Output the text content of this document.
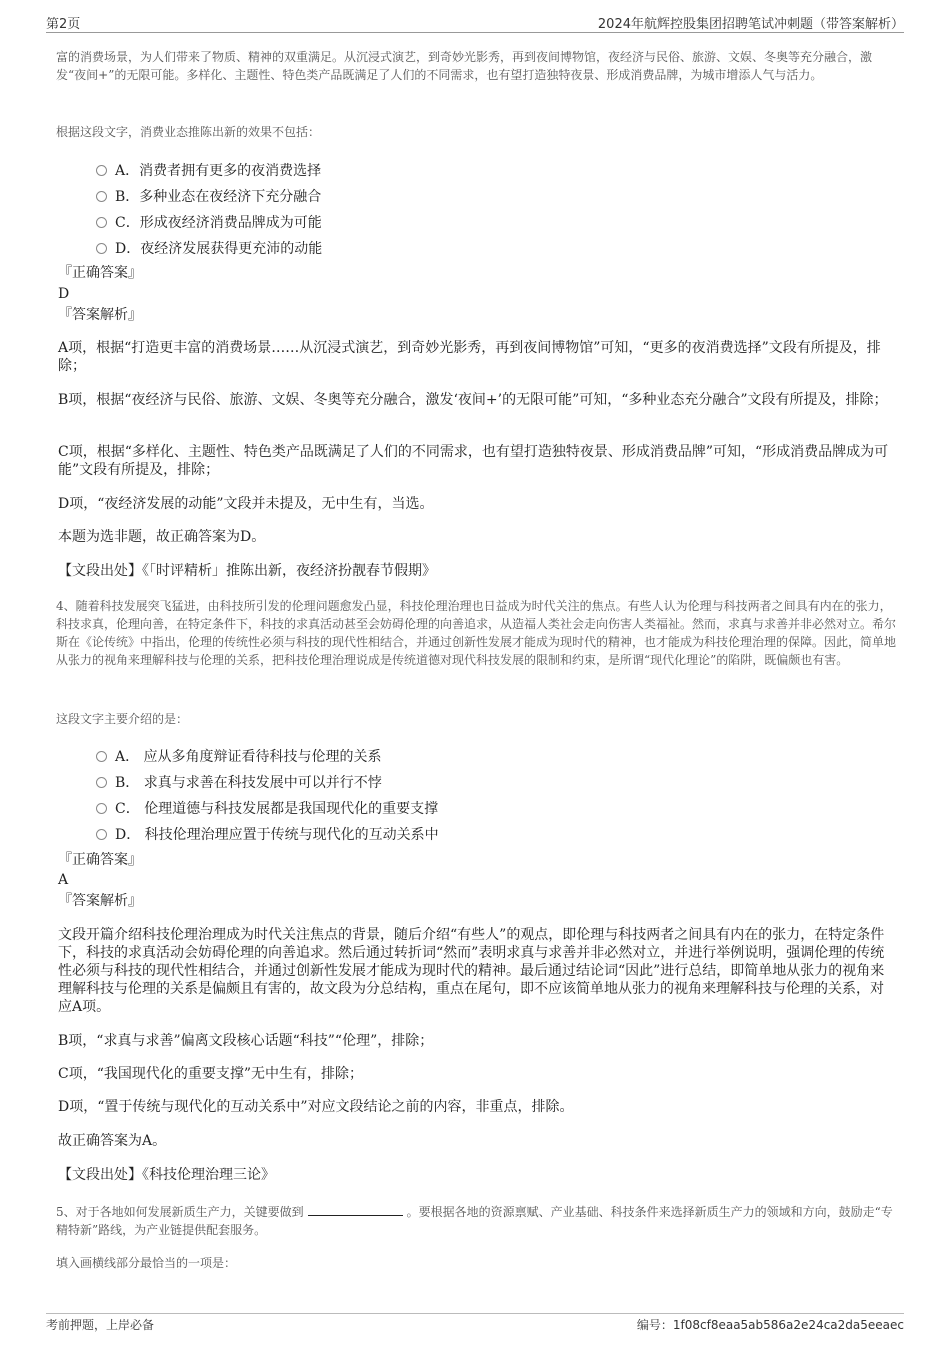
第2页	2024年航辉控股集团招聘笔试冲刺题（带答案解析）
富的消费场景，为人们带来了物质、精神的双重满足。从沉浸式演艺，到奇妙光影秀，再到夜间博物馆，夜经济与民俗、旅游、文娱、冬奥等充分融合，激发“夜间+”的无限可能。多样化、主题性、特色类产品既满足了人们的不同需求，也有望打造独特夜景、形成消费品牌，为城市增添人气与活力。
根据这段文字，消费业态推陈出新的效果不包括：
A．消费者拥有更多的夜消费选择
B．多种业态在夜经济下充分融合
C．形成夜经济消费品牌成为可能
D．夜经济发展获得更充沛的动能
『正确答案』
D
『答案解析』
A项，根据“打造更丰富的消费场景……从沉浸式演艺，到奇妙光影秀，再到夜间博物馆”可知，“更多的夜消费选择”文段有所提及，排除；
B项，根据“夜经济与民俗、旅游、文娱、冬奥等充分融合，激发‘夜间+’的无限可能”可知，“多种业态充分融合”文段有所提及，排除；
C项，根据“多样化、主题性、特色类产品既满足了人们的不同需求，也有望打造独特夜景、形成消费品牌”可知，“形成消费品牌成为可能”文段有所提及，排除；
D项，“夜经济发展的动能”文段并未提及，无中生有，当选。
本题为选非题，故正确答案为D。
【文段出处】《「时评精析」推陈出新，夜经济扮靓春节假期》
4、随着科技发展突飞猛进，由科技所引发的伦理问题愈发凸显，科技伦理治理也日益成为时代关注的焦点。有些人认为伦理与科技两者之间具有内在的张力，科技求真，伦理向善，在特定条件下，科技的求真活动甚至会妨碍伦理的向善追求，从造福人类社会走向伤害人类福祉。然而，求真与求善并非必然对立。希尔斯在《论传统》中指出，伦理的传统性必须与科技的现代性相结合，并通过创新性发展才能成为现时代的精神，也才能成为科技伦理治理的保障。因此，简单地从张力的视角来理解科技与伦理的关系，把科技伦理治理说成是传统道德对现代科技发展的限制和约束，是所谓“现代化理论”的陷阱，既偏颇也有害。
这段文字主要介绍的是：
A． 应从多角度辩证看待科技与伦理的关系
B． 求真与求善在科技发展中可以并行不悖
C． 伦理道德与科技发展都是我国现代化的重要支撑
D． 科技伦理治理应置于传统与现代化的互动关系中
『正确答案』
A
『答案解析』
文段开篇介绍科技伦理治理成为时代关注焦点的背景，随后介绍“有些人”的观点，即伦理与科技两者之间具有内在的张力，在特定条件下，科技的求真活动会妨碍伦理的向善追求。然后通过转折词“然而”表明求真与求善并非必然对立，并进行举例说明，强调伦理的传统性必须与科技的现代性相结合，并通过创新性发展才能成为现时代的精神。最后通过结论词“因此”进行总结，即简单地从张力的视角来理解科技与伦理的关系是偏颇且有害的，故文段为分总结构，重点在尾句，即不应该简单地从张力的视角来理解科技与伦理的关系，对应A项。
B项，“求真与求善”偏离文段核心话题“科技”“伦理”，排除；
C项，“我国现代化的重要支撑”无中生有，排除；
D项，“置于传统与现代化的互动关系中”对应文段结论之前的内容，非重点，排除。
故正确答案为A。
【文段出处】《科技伦理治理三论》
5、对于各地如何发展新质生产力，关键要做到	。要根据各地的资源禀赋、产业基础、科技条件来选择新质生产力的领域和方向，鼓励走“专精特新”路线，为产业链提供配套服务。
填入画横线部分最恰当的一项是：
考前押题，上岸必备	编号：1f08cf8eaa5ab586a2e24ca2da5eeaec
